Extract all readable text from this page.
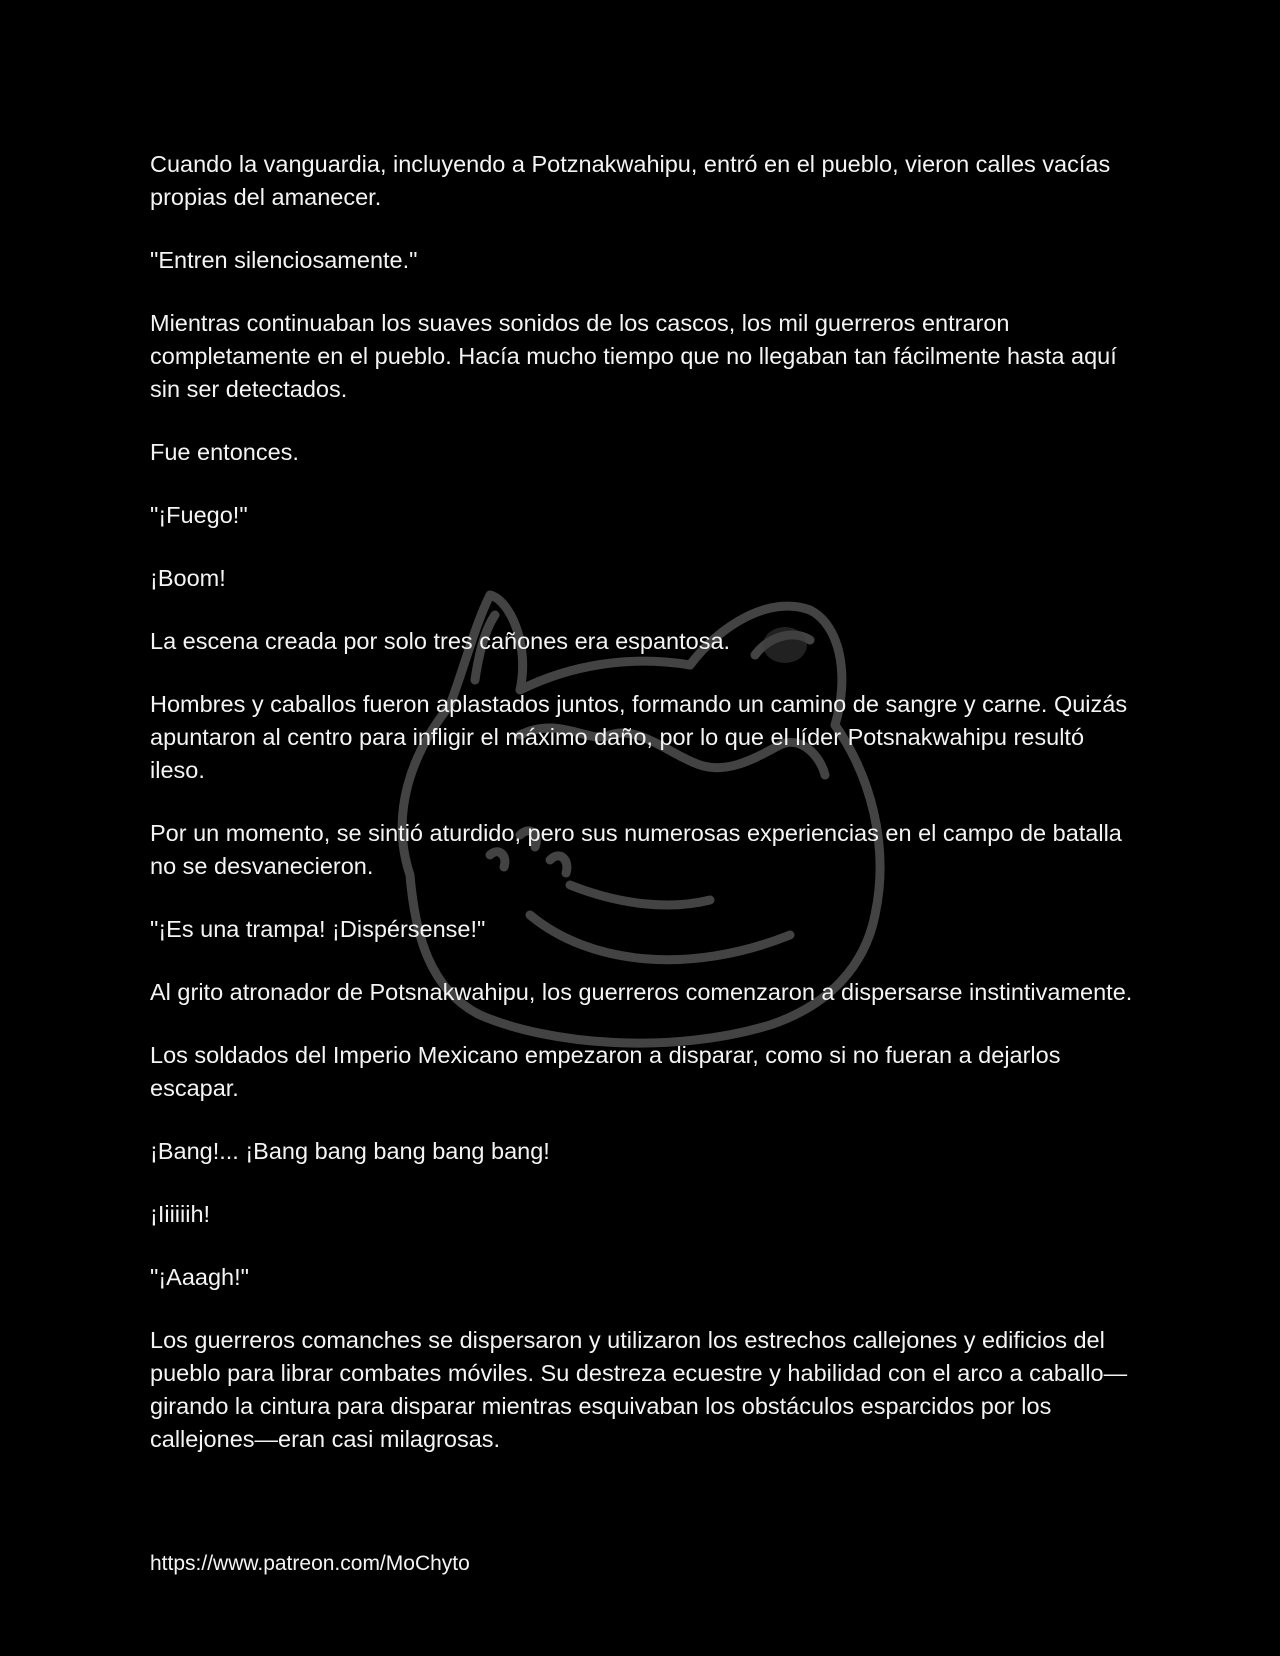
Cuando la vanguardia, incluyendo a Potznakwahipu, entró en el pueblo, vieron calles vacías propias del amanecer.

"Entren silenciosamente."

Mientras continuaban los suaves sonidos de los cascos, los mil guerreros entraron completamente en el pueblo. Hacía mucho tiempo que no llegaban tan fácilmente hasta aquí sin ser detectados.

Fue entonces.

"¡Fuego!"

¡Boom!

La escena creada por solo tres cañones era espantosa.

Hombres y caballos fueron aplastados juntos, formando un camino de sangre y carne. Quizás apuntaron al centro para infligir el máximo daño, por lo que el líder Potsnakwahipu resultó ileso.

Por un momento, se sintió aturdido, pero sus numerosas experiencias en el campo de batalla no se desvanecieron.

"¡Es una trampa! ¡Dispérsense!"

Al grito atronador de Potsnakwahipu, los guerreros comenzaron a dispersarse instintivamente.

Los soldados del Imperio Mexicano empezaron a disparar, como si no fueran a dejarlos escapar.

¡Bang!... ¡Bang bang bang bang bang!

¡Iiiiiih!

"¡Aaagh!"

Los guerreros comanches se dispersaron y utilizaron los estrechos callejones y edificios del pueblo para librar combates móviles. Su destreza ecuestre y habilidad con el arco a caballo—girando la cintura para disparar mientras esquivaban los obstáculos esparcidos por los callejones—eran casi milagrosas.

https://www.patreon.com/MoChyto
